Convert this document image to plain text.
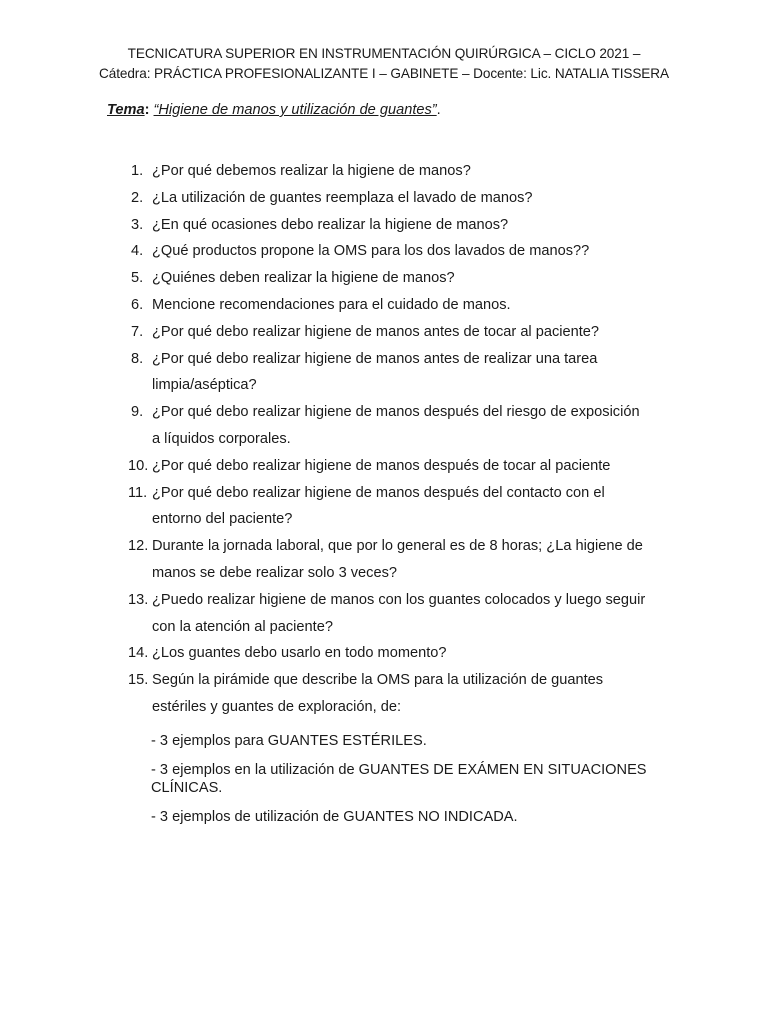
TECNICATURA SUPERIOR EN INSTRUMENTACIÓN QUIRÚRGICA – CICLO 2021 –
Cátedra: PRÁCTICA PROFESIONALIZANTE I – GABINETE – Docente: Lic. NATALIA TISSERA
Tema: “Higiene de manos y utilización de guantes”.
1. ¿Por qué debemos realizar la higiene de manos?
2. ¿La utilización de guantes reemplaza el lavado de manos?
3. ¿En qué ocasiones debo realizar la higiene de manos?
4. ¿Qué productos propone la OMS para los dos lavados de manos??
5. ¿Quiénes deben realizar la higiene de manos?
6. Mencione recomendaciones para el cuidado de manos.
7. ¿Por qué debo realizar higiene de manos antes de tocar al paciente?
8. ¿Por qué debo realizar higiene de manos antes de realizar una tarea
limpia/aséptica?
9. ¿Por qué debo realizar higiene de manos después del riesgo de exposición
a líquidos corporales.
10. ¿Por qué debo realizar higiene de manos después de tocar al paciente
11. ¿Por qué debo realizar higiene de manos después del contacto con el
entorno del paciente?
12. Durante la jornada laboral, que por lo general es de 8 horas; ¿La higiene de
manos se debe realizar solo 3 veces?
13. ¿Puedo realizar higiene de manos con los guantes colocados y luego seguir
con la atención al paciente?
14. ¿Los guantes debo usarlo en todo momento?
15. Según la pirámide que describe la OMS para la utilización de guantes
estériles y guantes de exploración, de:
- 3 ejemplos para GUANTES ESTÉRILES.
- 3 ejemplos en la utilización de GUANTES DE EXÁMEN EN SITUACIONES CLÍNICAS.
- 3 ejemplos de utilización de GUANTES NO INDICADA.
